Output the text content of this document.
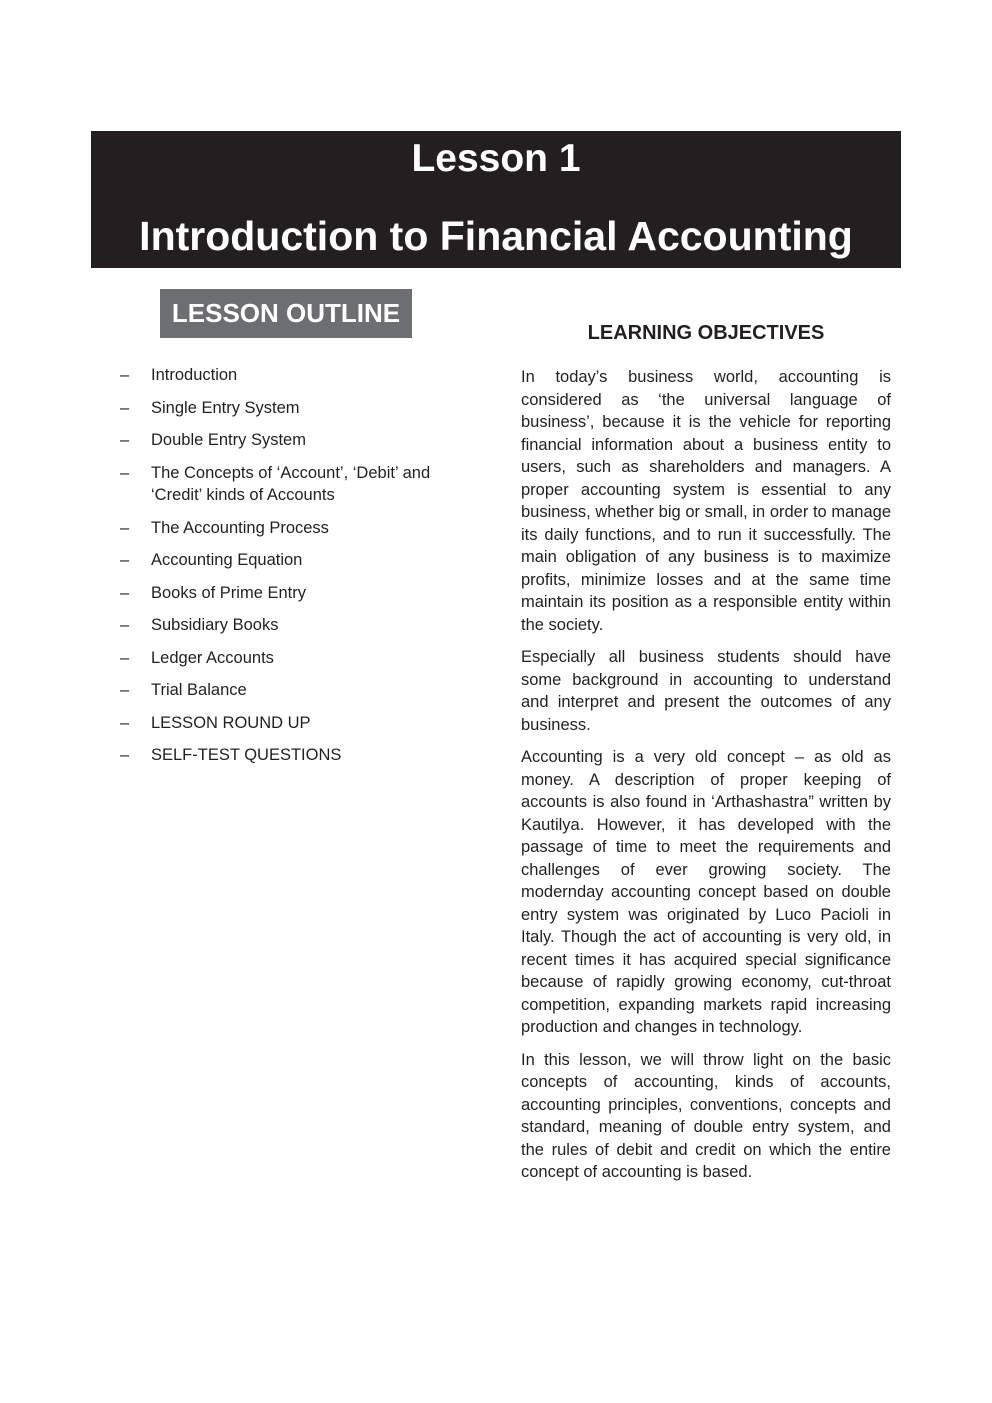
Lesson 1
Introduction to Financial Accounting
LESSON OUTLINE
– Introduction
– Single Entry System
– Double Entry System
– The Concepts of ‘Account’, ‘Debit’ and ‘Credit’ kinds of Accounts
– The Accounting Process
– Accounting Equation
– Books of Prime Entry
– Subsidiary Books
– Ledger Accounts
– Trial Balance
– LESSON ROUND UP
– SELF-TEST QUESTIONS
LEARNING OBJECTIVES

In today’s business world, accounting is considered as ‘the universal language of business’, because it is the vehicle for reporting financial information about a business entity to users, such as shareholders and managers. A proper accounting system is essential to any business, whether big or small, in order to manage its daily functions, and to run it successfully. The main obligation of any business is to maximize profits, minimize losses and at the same time maintain its position as a responsible entity within the society.

Especially all business students should have some background in accounting to understand and interpret and present the outcomes of any business.

Accounting is a very old concept – as old as money. A description of proper keeping of accounts is also found in ‘Arthashastra” written by Kautilya. However, it has developed with the passage of time to meet the requirements and challenges of ever growing society. The modernday accounting concept based on double entry system was originated by Luco Pacioli in Italy. Though the act of accounting is very old, in recent times it has acquired special significance because of rapidly growing economy, cut-throat competition, expanding markets rapid increasing production and changes in technology.

In this lesson, we will throw light on the basic concepts of accounting, kinds of accounts, accounting principles, conventions, concepts and standard, meaning of double entry system, and the rules of debit and credit on which the entire concept of accounting is based.
